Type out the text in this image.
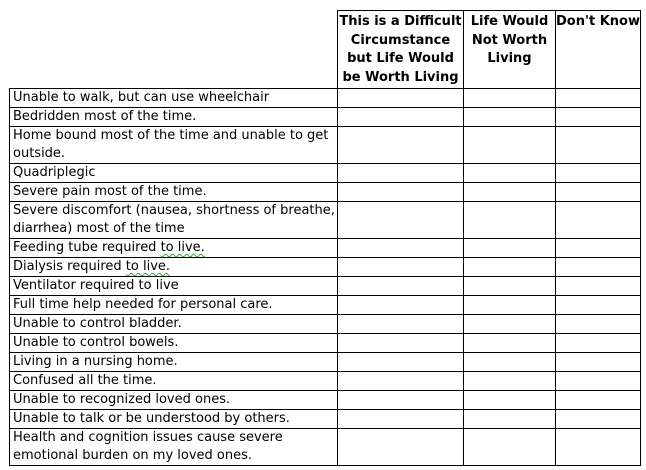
	This is a Difficult Circumstance but Life Would be Worth Living	Life Would Not Worth Living	Don't Know
Unable to walk, but can use wheelchair			
Bedridden most of the time.			
Home bound most of the time and unable to get outside.			
Quadriplegic			
Severe pain most of the time.			
Severe discomfort (nausea, shortness of breathe, diarrhea) most of the time			
Feeding tube required to live.			
Dialysis required to live.			
Ventilator required to live			
Full time help needed for personal care.			
Unable to control bladder.			
Unable to control bowels.			
Living in a nursing home.			
Confused all the time.			
Unable to recognized loved ones.			
Unable to talk or be understood by others.			
Health and cognition issues cause severe emotional burden on my loved ones.			
